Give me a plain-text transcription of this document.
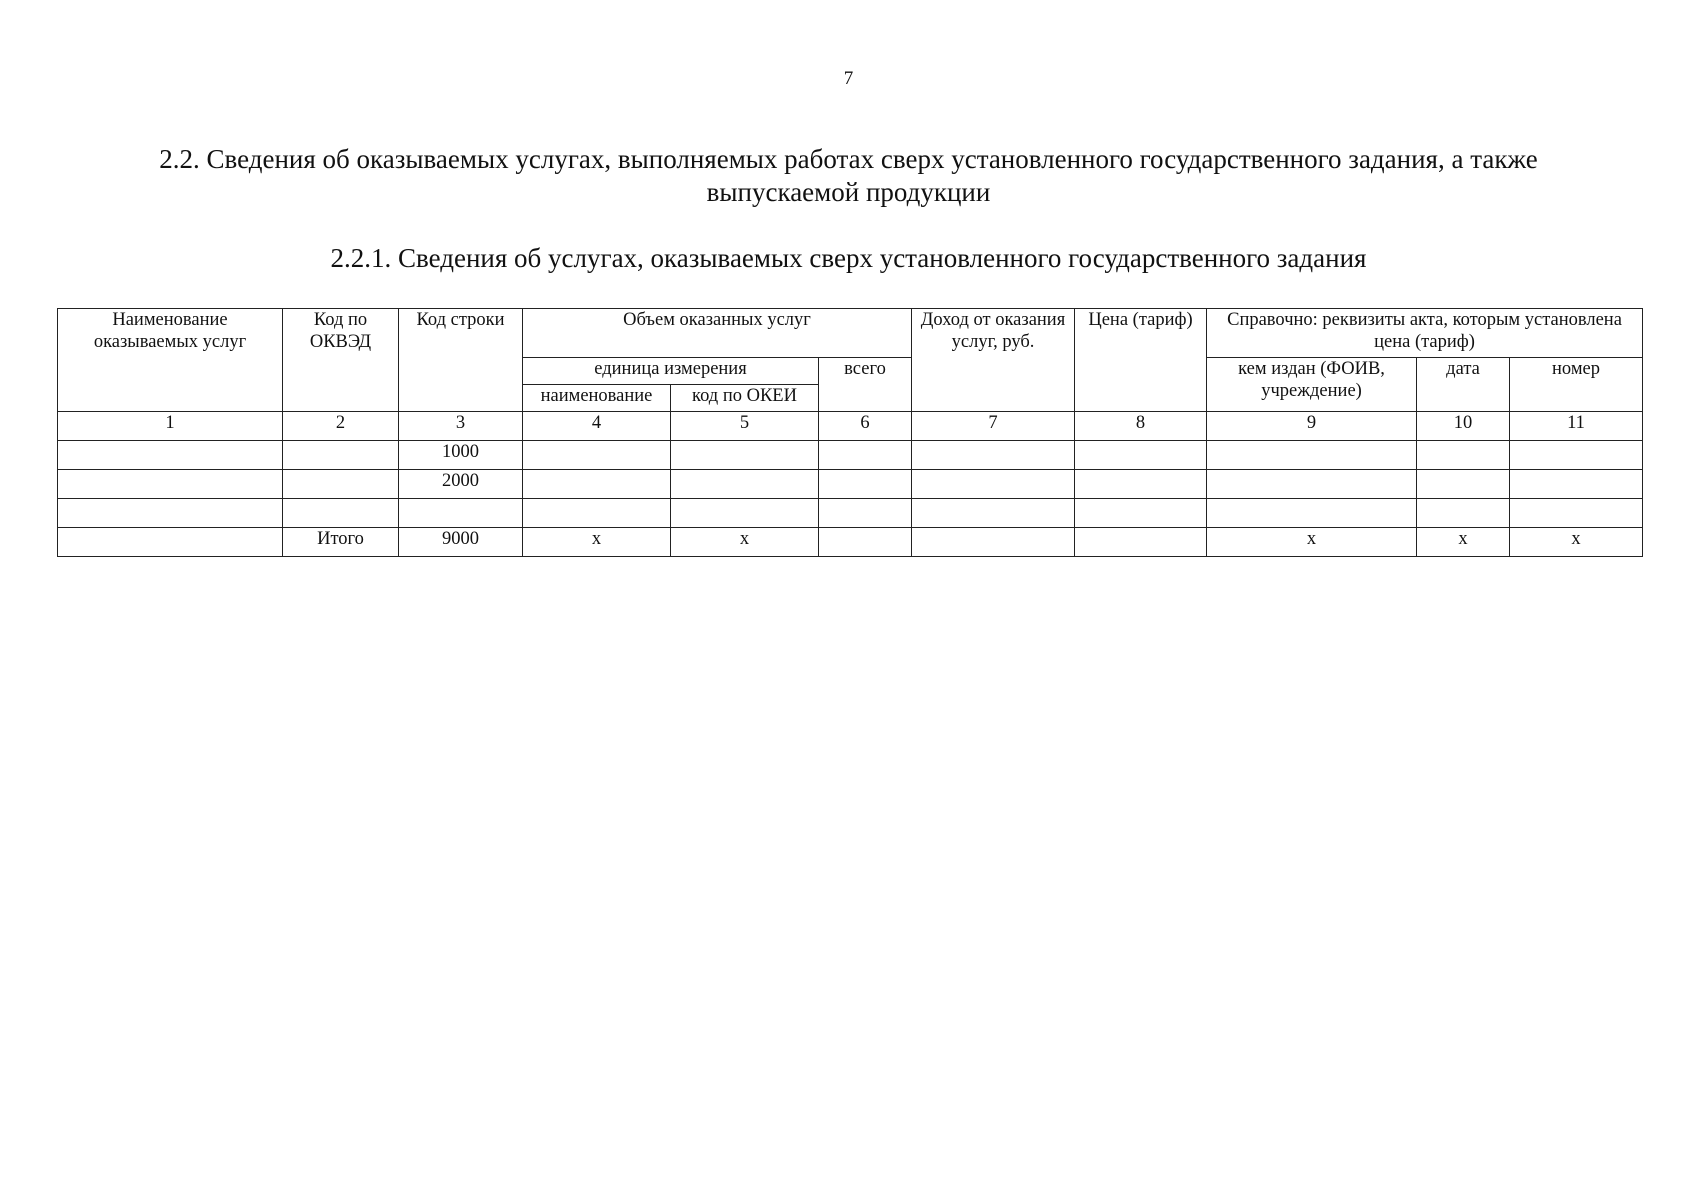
7
2.2. Сведения об оказываемых услугах, выполняемых работах сверх установленного государственного задания, а также выпускаемой продукции
2.2.1. Сведения об услугах, оказываемых сверх установленного государственного задания
Наименование оказываемых услуг	Код по ОКВЭД	Код строки	Объем оказанных услуг			Доход от оказания услуг, руб.	Цена (тариф)	Справочно: реквизиты акта, которым установлена цена (тариф)		
			единица измерения		всего			кем издан (ФОИВ, учреждение)	дата	номер
			наименование	код по ОКЕИ						
1	2	3	4	5	6	7	8	9	10	11
		1000								
		2000								

	Итого	9000	x	x				x	x	x
